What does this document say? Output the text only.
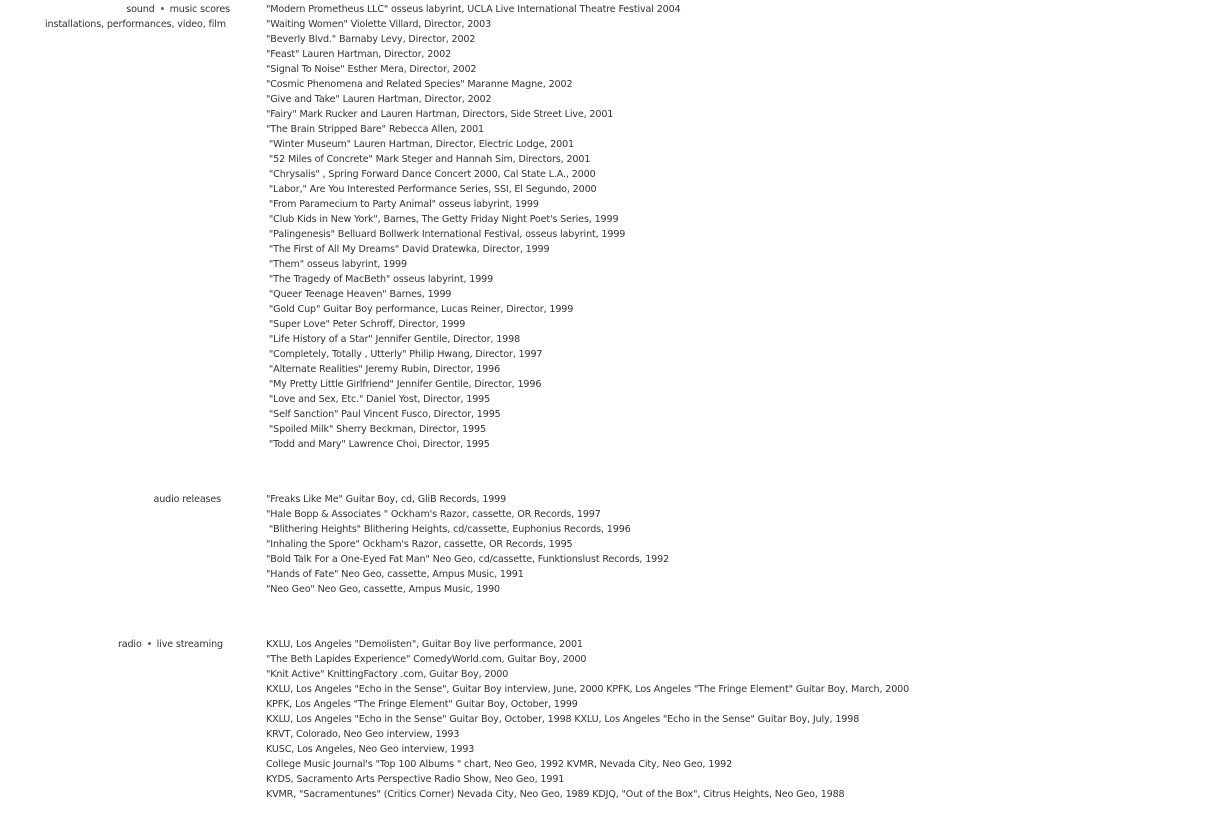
sound music scores
installations, performances, video, film
"Modern Prometheus LLC" osseus labyrint, UCLA Live International Theatre Festival 2004
"Waiting Women" Violette Villard, Director, 2003
"Beverly Blvd." Barnaby Levy, Director, 2002
"Feast" Lauren Hartman, Director, 2002
"Signal To Noise" Esther Mera, Director, 2002
"Cosmic Phenomena and Related Species" Maranne Magne, 2002
"Give and Take" Lauren Hartman, Director, 2002
"Fairy" Mark Rucker and Lauren Hartman, Directors, Side Street Live, 2001
"The Brain Stripped Bare" Rebecca Allen, 2001
"Winter Museum" Lauren Hartman, Director, Electric Lodge, 2001
"52 Miles of Concrete" Mark Steger and Hannah Sim, Directors, 2001
"Chrysalis" , Spring Forward Dance Concert 2000, Cal State L.A., 2000
"Labor," Are You Interested Performance Series, SSI, El Segundo, 2000
"From Paramecium to Party Animal" osseus labyrint, 1999
"Club Kids in New York", Barnes, The Getty Friday Night Poet's Series, 1999
"Palingenesis" Belluard Bollwerk International Festival, osseus labyrint, 1999
"The First of All My Dreams" David Dratewka, Director, 1999
"Them" osseus labyrint, 1999
"The Tragedy of MacBeth" osseus labyrint, 1999
"Queer Teenage Heaven" Barnes, 1999
"Gold Cup" Guitar Boy performance, Lucas Reiner, Director, 1999
"Super Love" Peter Schroff, Director, 1999
"Life History of a Star" Jennifer Gentile, Director, 1998
"Completely, Totally , Utterly" Philip Hwang, Director, 1997
"Alternate Realities" Jeremy Rubin, Director, 1996
"My Pretty Little Girlfriend" Jennifer Gentile, Director, 1996
"Love and Sex, Etc." Daniel Yost, Director, 1995
"Self Sanction" Paul Vincent Fusco, Director, 1995
"Spoiled Milk" Sherry Beckman, Director, 1995
"Todd and Mary" Lawrence Choi, Director, 1995
audio releases	"Freaks Like Me" Guitar Boy, cd, GliB Records, 1999
"Hale Bopp & Associates " Ockham's Razor, cassette, OR Records, 1997
"Blithering Heights" Blithering Heights, cd/cassette, Euphonius Records, 1996
"Inhaling the Spore" Ockham's Razor, cassette, OR Records, 1995
"Bold Talk For a One-Eyed Fat Man" Neo Geo, cd/cassette, Funktionslust Records, 1992
"Hands of Fate" Neo Geo, cassette, Ampus Music, 1991
"Neo Geo" Neo Geo, cassette, Ampus Music, 1990
radio live streaming	KXLU, Los Angeles "Demolisten", Guitar Boy live performance, 2001
"The Beth Lapides Experience" ComedyWorld.com, Guitar Boy, 2000
"Knit Active" KnittingFactory .com, Guitar Boy, 2000
KXLU, Los Angeles "Echo in the Sense", Guitar Boy interview, June, 2000 KPFK, Los Angeles "The Fringe Element" Guitar Boy, March, 2000
KPFK, Los Angeles "The Fringe Element" Guitar Boy, October, 1999
KXLU, Los Angeles "Echo in the Sense" Guitar Boy, October, 1998 KXLU, Los Angeles "Echo in the Sense" Guitar Boy, July, 1998
KRVT, Colorado, Neo Geo interview, 1993
KUSC, Los Angeles, Neo Geo interview, 1993
College Music Journal's "Top 100 Albums " chart, Neo Geo, 1992 KVMR, Nevada City, Neo Geo, 1992
KYDS, Sacramento Arts Perspective Radio Show, Neo Geo, 1991
KVMR, "Sacramentunes" (Critics Corner) Nevada City, Neo Geo, 1989 KDJQ, "Out of the Box", Citrus Heights, Neo Geo, 1988
